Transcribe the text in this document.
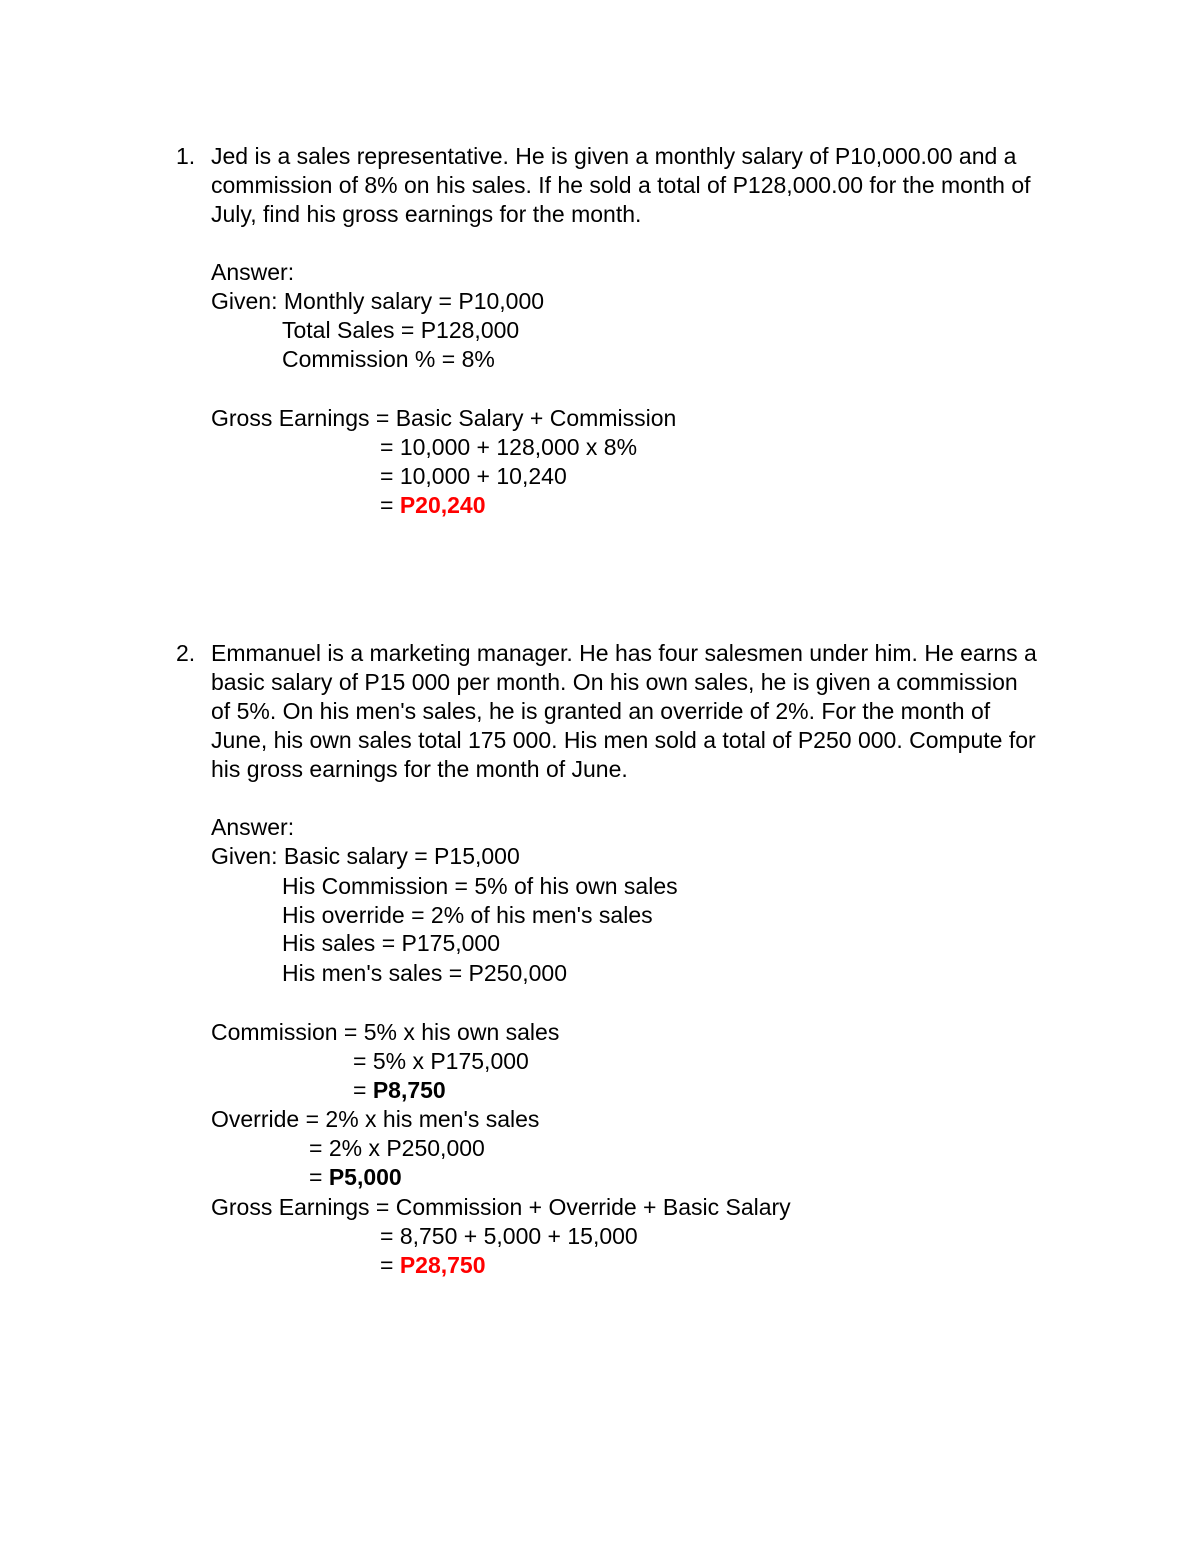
1. Jed is a sales representative. He is given a monthly salary of P10,000.00 and a
commission of 8% on his sales. If he sold a total of P128,000.00 for the month of
July, find his gross earnings for the month.
Answer:
Given: Monthly salary = P10,000
Total Sales = P128,000
Commission % = 8%
Gross Earnings = Basic Salary + Commission
= 10,000 + 128,000 x 8%
= 10,000 + 10,240
= P20,240
2. Emmanuel is a marketing manager. He has four salesmen under him. He earns a
basic salary of P15 000 per month. On his own sales, he is given a commission
of 5%. On his men's sales, he is granted an override of 2%. For the month of
June, his own sales total 175 000. His men sold a total of P250 000. Compute for
his gross earnings for the month of June.
Answer:
Given: Basic salary = P15,000
His Commission = 5% of his own sales
His override = 2% of his men's sales
His sales = P175,000
His men's sales = P250,000
Commission = 5% x his own sales
= 5% x P175,000
= P8,750
Override = 2% x his men's sales
= 2% x P250,000
= P5,000
Gross Earnings = Commission + Override + Basic Salary
= 8,750 + 5,000 + 15,000
= P28,750
